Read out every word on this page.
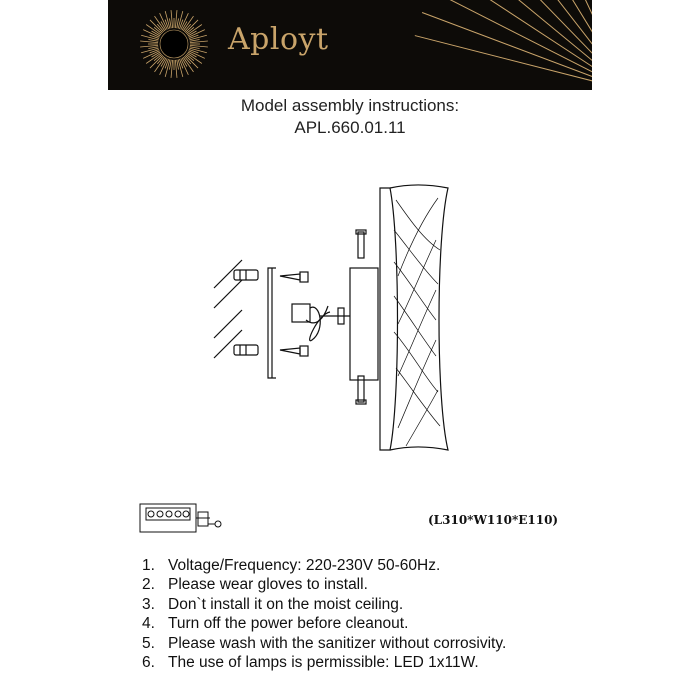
Aployt
Model assembly instructions:
APL.660.01.11
(L310*W110*E110)
1. Voltage/Frequency: 220-230V 50-60Hz.
2. Please wear gloves to install.
3. Don`t install it on the moist ceiling.
4. Turn off the power before cleanout.
5. Please wash with the sanitizer without corrosivity.
6. The use of lamps is permissible: LED 1x11W.
